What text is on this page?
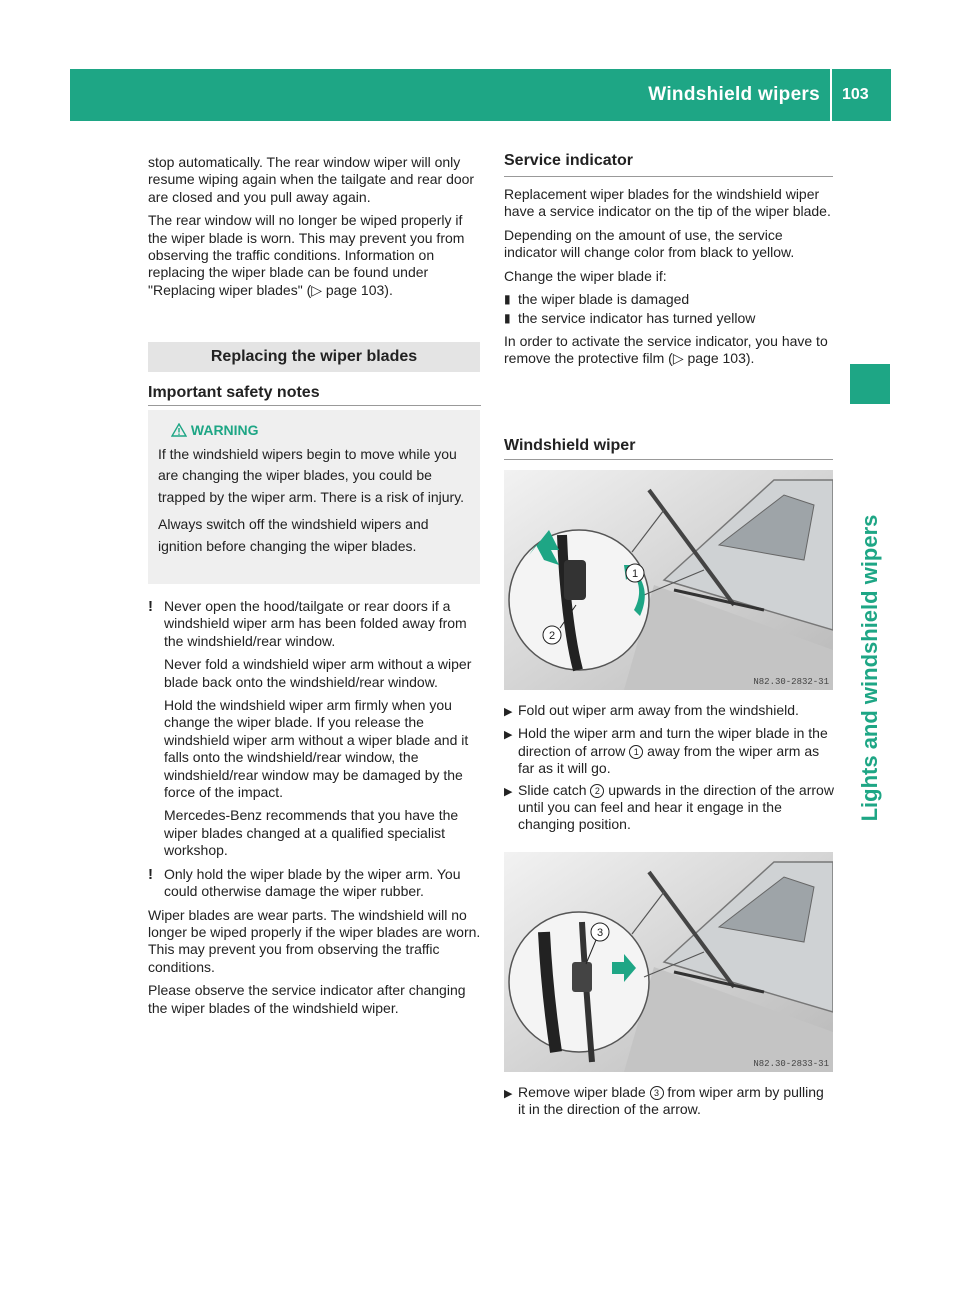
Windshield wipers 103
Lights and windshield wipers

stop automatically. The rear window wiper will only resume wiping again when the tailgate and rear door are closed and you pull away again.

The rear window will no longer be wiped properly if the wiper blade is worn. This may prevent you from observing the traffic conditions. Information on replacing the wiper blade can be found under "Replacing wiper blades" (▷ page 103).

Replacing the wiper blades
Important safety notes
WARNING

If the windshield wipers begin to move while you are changing the wiper blades, you could be trapped by the wiper arm. There is a risk of injury.

Always switch off the windshield wipers and ignition before changing the wiper blades.

! Never open the hood/tailgate or rear doors if a windshield wiper arm has been folded away from the windshield/rear window.

Never fold a windshield wiper arm without a wiper blade back onto the windshield/rear window.

Hold the windshield wiper arm firmly when you change the wiper blade. If you release the windshield wiper arm without a wiper blade and it falls onto the windshield/rear window, the windshield/rear window may be damaged by the force of the impact.

Mercedes-Benz recommends that you have the wiper blades changed at a qualified specialist workshop.

! Only hold the wiper blade by the wiper arm. You could otherwise damage the wiper rubber.

Wiper blades are wear parts. The windshield will no longer be wiped properly if the wiper blades are worn. This may prevent you from observing the traffic conditions.

Please observe the service indicator after changing the wiper blades of the windshield wiper.

Service indicator

Replacement wiper blades for the windshield wiper have a service indicator on the tip of the wiper blade.

Depending on the amount of use, the service indicator will change color from black to yellow.

Change the wiper blade if:

▮ the wiper blade is damaged
▮ the service indicator has turned yellow

In order to activate the service indicator, you have to remove the protective film (▷ page 103).

Windshield wiper
1
2
N82.30-2832-31
▶ Fold out wiper arm away from the windshield.
▶ Hold the wiper arm and turn the wiper blade in the direction of arrow 1 away from the wiper arm as far as it will go.
▶ Slide catch 2 upwards in the direction of the arrow until you can feel and hear it engage in the changing position.
3
N82.30-2833-31
▶ Remove wiper blade 3 from wiper arm by pulling it in the direction of the arrow.
